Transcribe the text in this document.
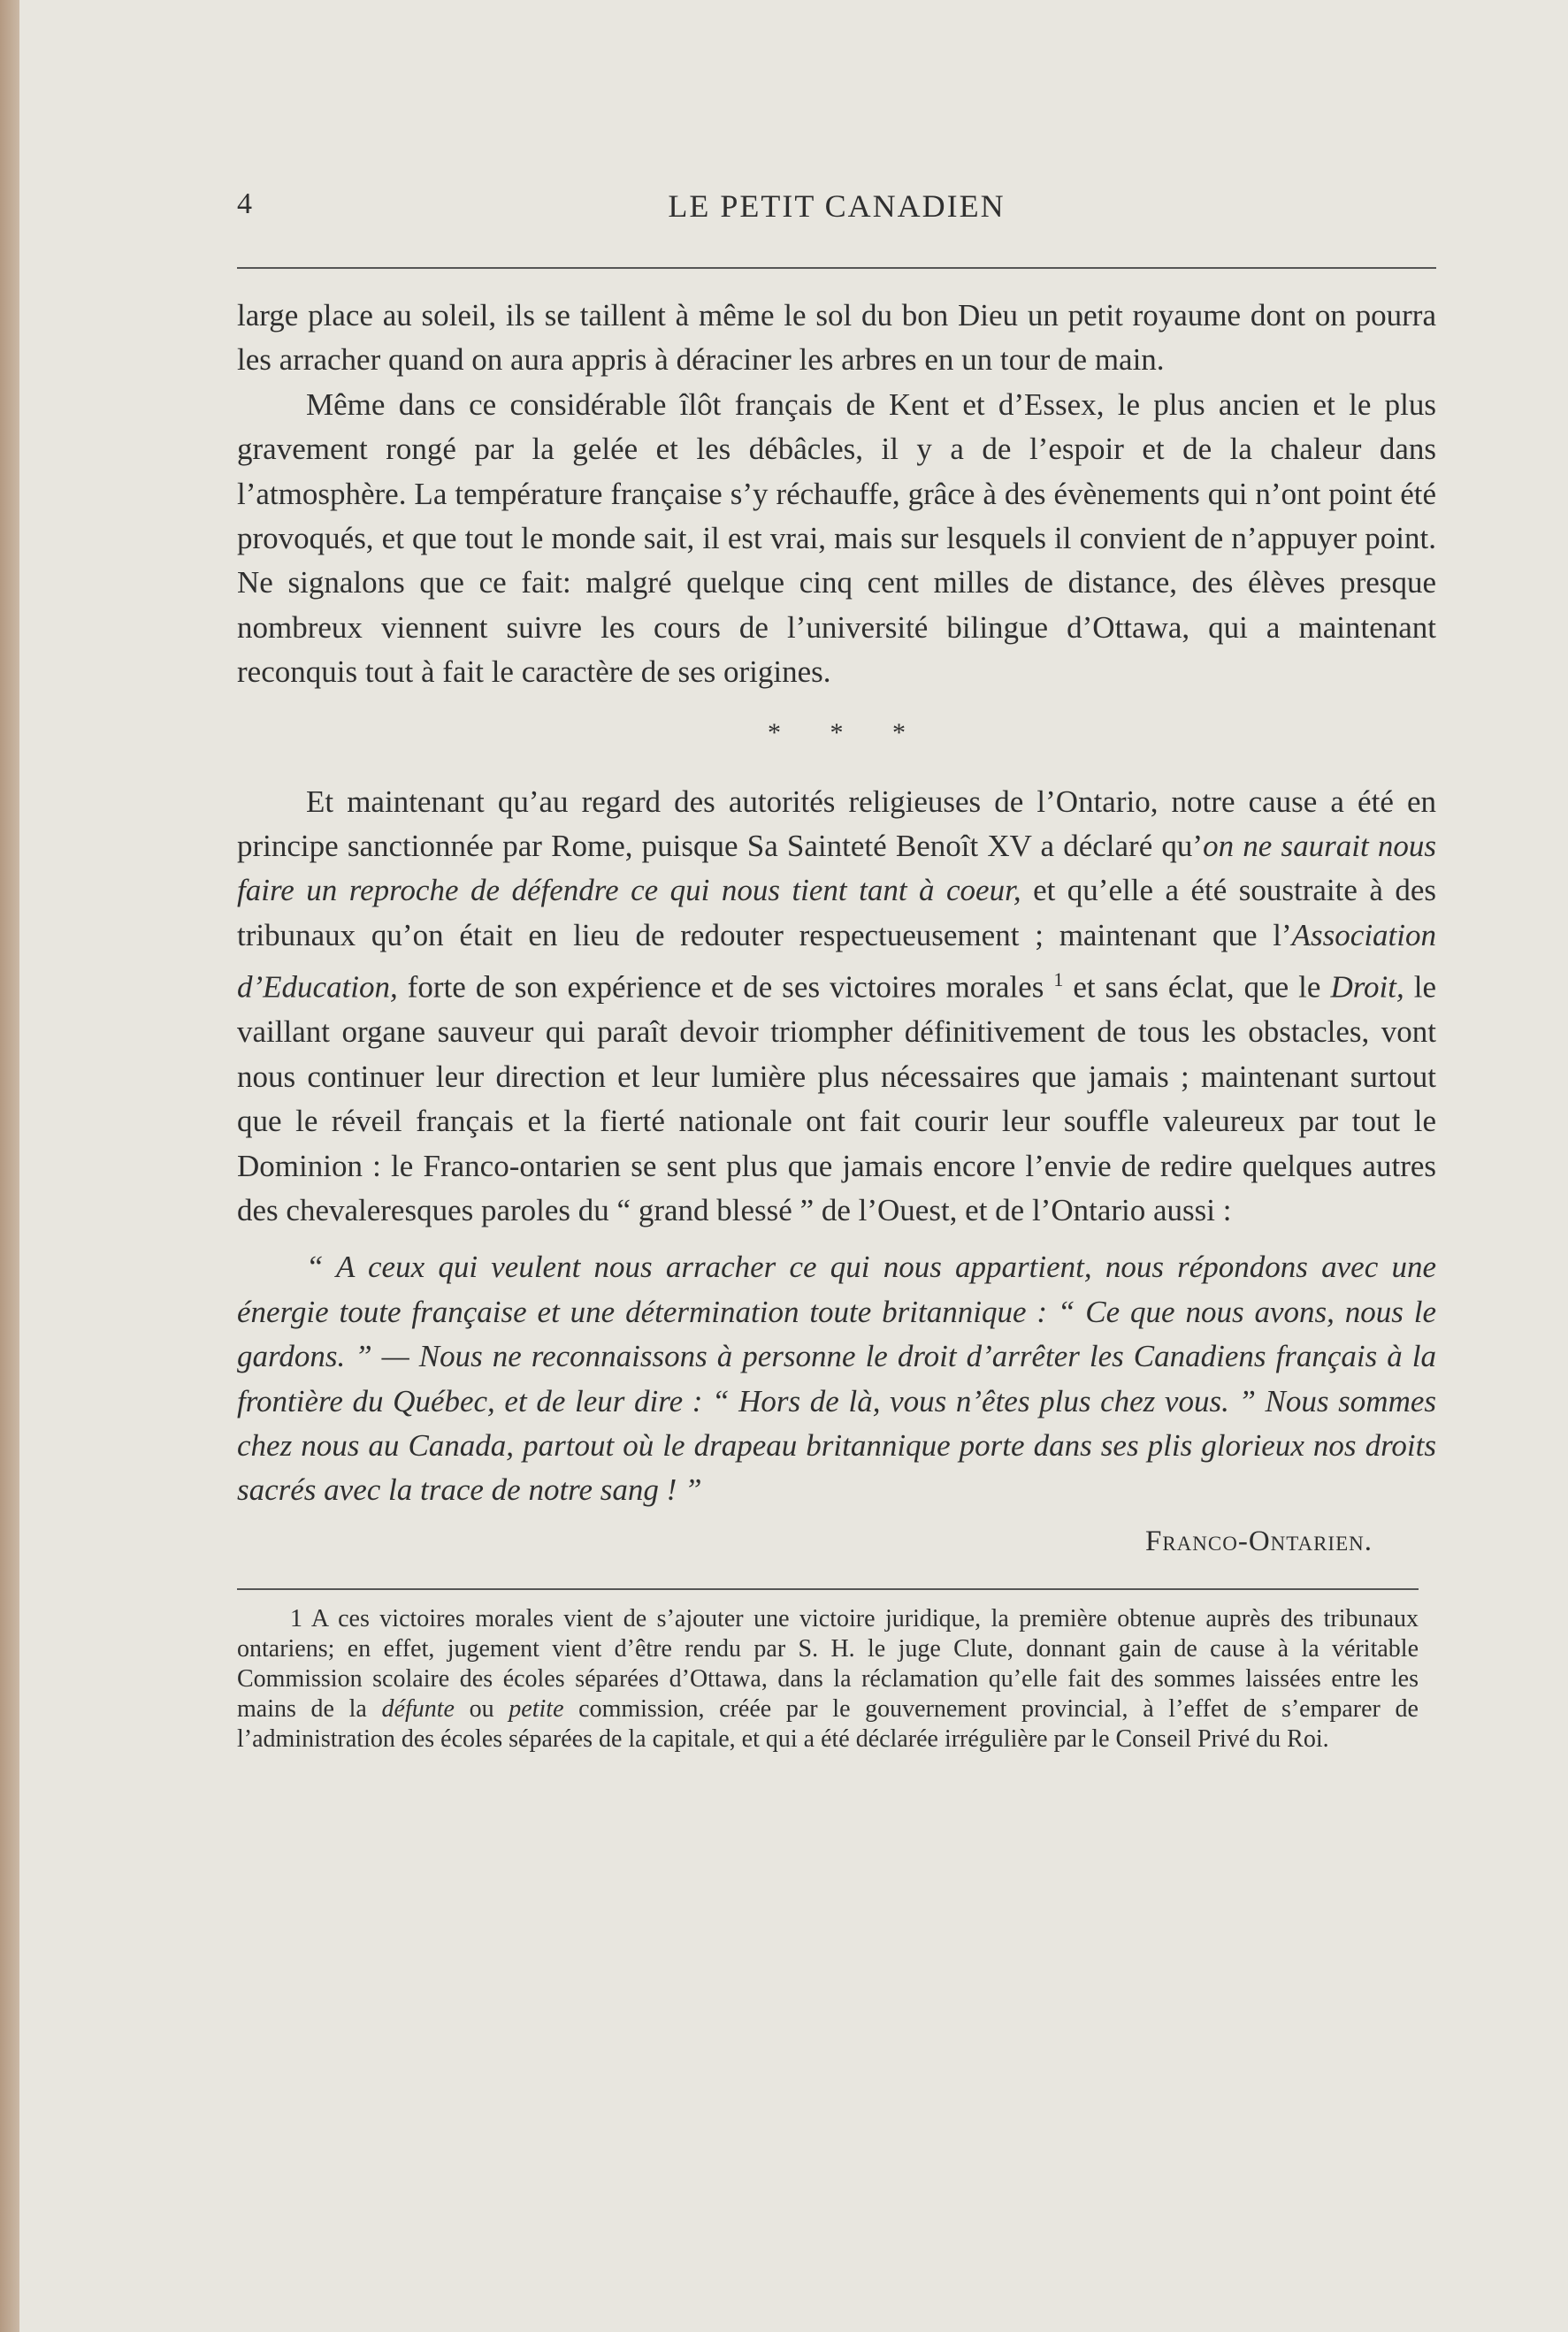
4	LE PETIT CANADIEN

large place au soleil, ils se taillent à même le sol du bon Dieu un petit royaume dont on pourra les arracher quand on aura appris à déraciner les arbres en un tour de main.

Même dans ce considérable îlôt français de Kent et d’Essex, le plus ancien et le plus gravement rongé par la gelée et les débâcles, il y a de l’espoir et de la chaleur dans l’atmosphère. La température française s’y réchauffe, grâce à des évènements qui n’ont point été provoqués, et que tout le monde sait, il est vrai, mais sur lesquels il convient de n’appuyer point. Ne signalons que ce fait: malgré quelque cinq cent milles de distance, des élèves presque nombreux viennent suivre les cours de l’université bilingue d’Ottawa, qui a maintenant reconquis tout à fait le caractère de ses origines.

* * *

Et maintenant qu’au regard des autorités religieuses de l’Ontario, notre cause a été en principe sanctionnée par Rome, puisque Sa Sainteté Benoît XV a déclaré qu’on ne saurait nous faire un reproche de défendre ce qui nous tient tant à coeur, et qu’elle a été soustraite à des tribunaux qu’on était en lieu de redouter respectueusement ; maintenant que l’Association d’Education, forte de son expérience et de ses victoires morales $^1$ et sans éclat, que le Droit, le vaillant organe sauveur qui paraît devoir triompher définitivement de tous les obstacles, vont nous continuer leur direction et leur lumière plus nécessaires que jamais ; maintenant surtout que le réveil français et la fierté nationale ont fait courir leur souffle valeureux par tout le Dominion : le Franco-ontarien se sent plus que jamais encore l’envie de redire quelques autres des chevaleresques paroles du “ grand blessé ” de l’Ouest, et de l’Ontario aussi :

“ A ceux qui veulent nous arracher ce qui nous appartient, nous répondons avec une énergie toute française et une détermination toute britannique : “ Ce que nous avons, nous le gardons. ” — Nous ne reconnaissons à personne le droit d’arrêter les Canadiens français à la frontière du Québec, et de leur dire : “ Hors de là, vous n’êtes plus chez vous. ” Nous sommes chez nous au Canada, partout où le drapeau britannique porte dans ses plis glorieux nos droits sacrés avec la trace de notre sang ! ”

Franco-Ontarien.

1 A ces victoires morales vient de s’ajouter une victoire juridique, la première obtenue auprès des tribunaux ontariens; en effet, jugement vient d’être rendu par S. H. le juge Clute, donnant gain de cause à la véritable Commission scolaire des écoles séparées d’Ottawa, dans la réclamation qu’elle fait des sommes laissées entre les mains de la défunte ou petite commission, créée par le gouvernement provincial, à l’effet de s’emparer de l’administration des écoles séparées de la capitale, et qui a été déclarée irrégulière par le Conseil Privé du Roi.
